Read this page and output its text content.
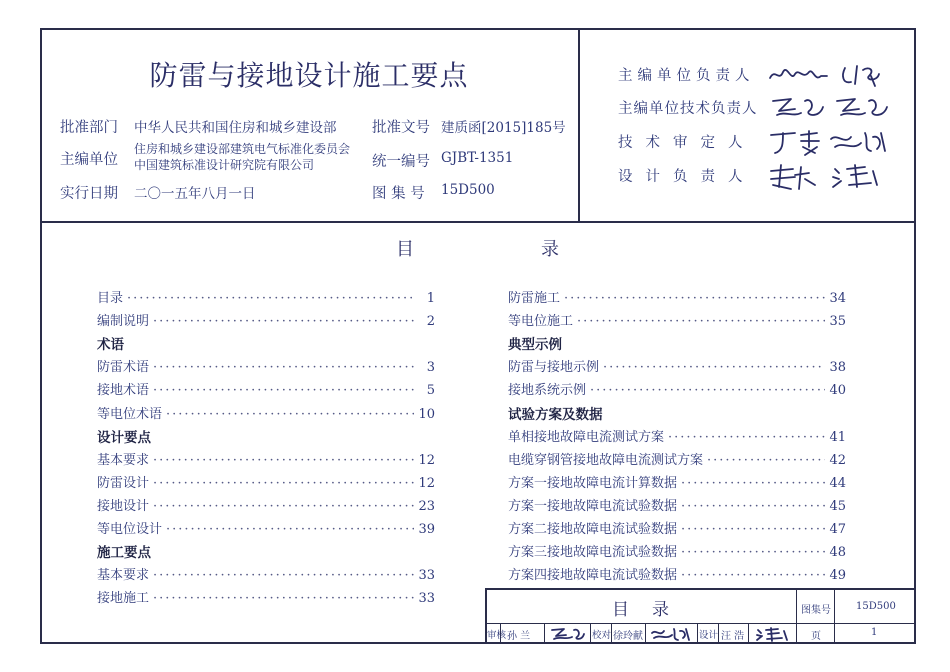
防雷与接地设计施工要点
批准部门 中华人民共和国住房和城乡建设部
主编单位
住房和城乡建设部建筑电气标准化委员会
中国建筑标准设计研究院有限公司
实行日期 二〇一五年八月一日
批准文号 建质函[2015]185号
统一编号 GJBT-1351
图 集 号 15D500
主编单位负责人
主编单位技术负责人
技术审定人
设计负责人
目	录
目录 ·····	1
编制说明 ·····	2
术语
防雷术语 ·····	3
接地术语 ·····	5
等电位术语 ·····	10
设计要点
基本要求 ·····	12
防雷设计 ·····	12
接地设计 ·····	23
等电位设计 ·····	39
施工要点
基本要求 ·····	33
接地施工 ·····	33
防雷施工 ·····	34
等电位施工 ·····	35
典型示例
防雷与接地示例 ·····	38
接地系统示例 ·····	40
试验方案及数据
单相接地故障电流测试方案 ·····	41
电缆穿钢管接地故障电流测试方案 ·····	42
方案一接地故障电流计算数据 ·····	44
方案一接地故障电流试验数据 ·····	45
方案二接地故障电流试验数据 ·····	47
方案三接地故障电流试验数据 ·····	48
方案四接地故障电流试验数据 ·····	49
目 录	图集号	15D500
审核 孙 兰	校对 徐玲献	设计 汪 浩	页	1
